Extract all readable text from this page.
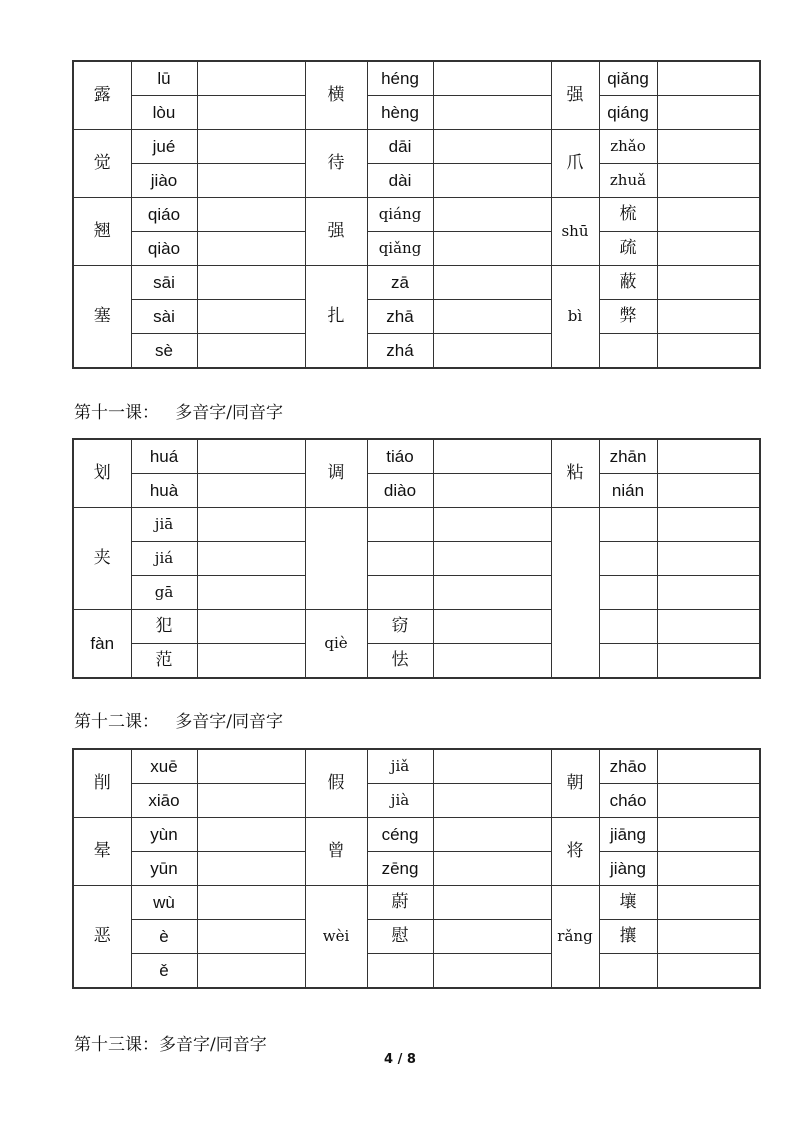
露	lū		横	héng		强	qiǎng	
	lòu			hèng			qiáng	
觉	jué		待	dāi		爪	zhǎo	
	jiào			dài			zhuǎ	
翘	qiáo		强	qiáng		shū	梳	
	qiào			qiǎng			疏	
塞	sāi		扎	zā		bì	蔽	
	sài			zhā			弊	
	sè			zhá				

第十一课：   多音字/同音字

划	huá		调	tiáo		粘	zhān	
	huà			diào			nián	
夹	jiā							
	jiá							
	gā							
fàn	犯		qiè	窃				
	范			怯				

第十二课：   多音字/同音字

削	xuē		假	jiǎ		朝	zhāo	
	xiāo			jià			cháo	
晕	yùn		曾	céng		将	jiāng	
	yūn			zēng			jiàng	
恶	wù		wèi	蔚		rǎng	壤	
	è			慰			攘	
	ě							

第十三课：多音字/同音字

4 / 8
